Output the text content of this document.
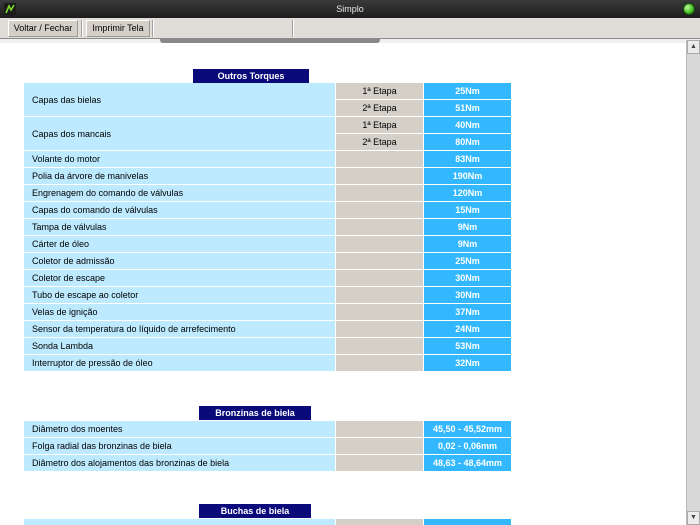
Simplo
Voltar / Fechar	Imprimir Tela
▲
▼
Outros Torques
Capas das bielas
1ª Etapa	25Nm
2ª Etapa	51Nm
Capas dos mancais
1ª Etapa	40Nm
2ª Etapa	80Nm
Volante do motor	83Nm
Polia da árvore de manivelas	190Nm
Engrenagem do comando de válvulas	120Nm
Capas do comando de válvulas	15Nm
Tampa de válvulas	9Nm
Cárter de óleo	9Nm
Coletor de admissão	25Nm
Coletor de escape	30Nm
Tubo de escape ao coletor	30Nm
Velas de ignição	37Nm
Sensor da temperatura do líquido de arrefecimento	24Nm
Sonda Lambda	53Nm
Interruptor de pressão de óleo	32Nm
Bronzinas de biela
Diâmetro dos moentes	45,50 - 45,52mm
Folga radial das bronzinas de biela	0,02 - 0,06mm
Diâmetro dos alojamentos das bronzinas de biela	48,63 - 48,64mm
Buchas de biela
